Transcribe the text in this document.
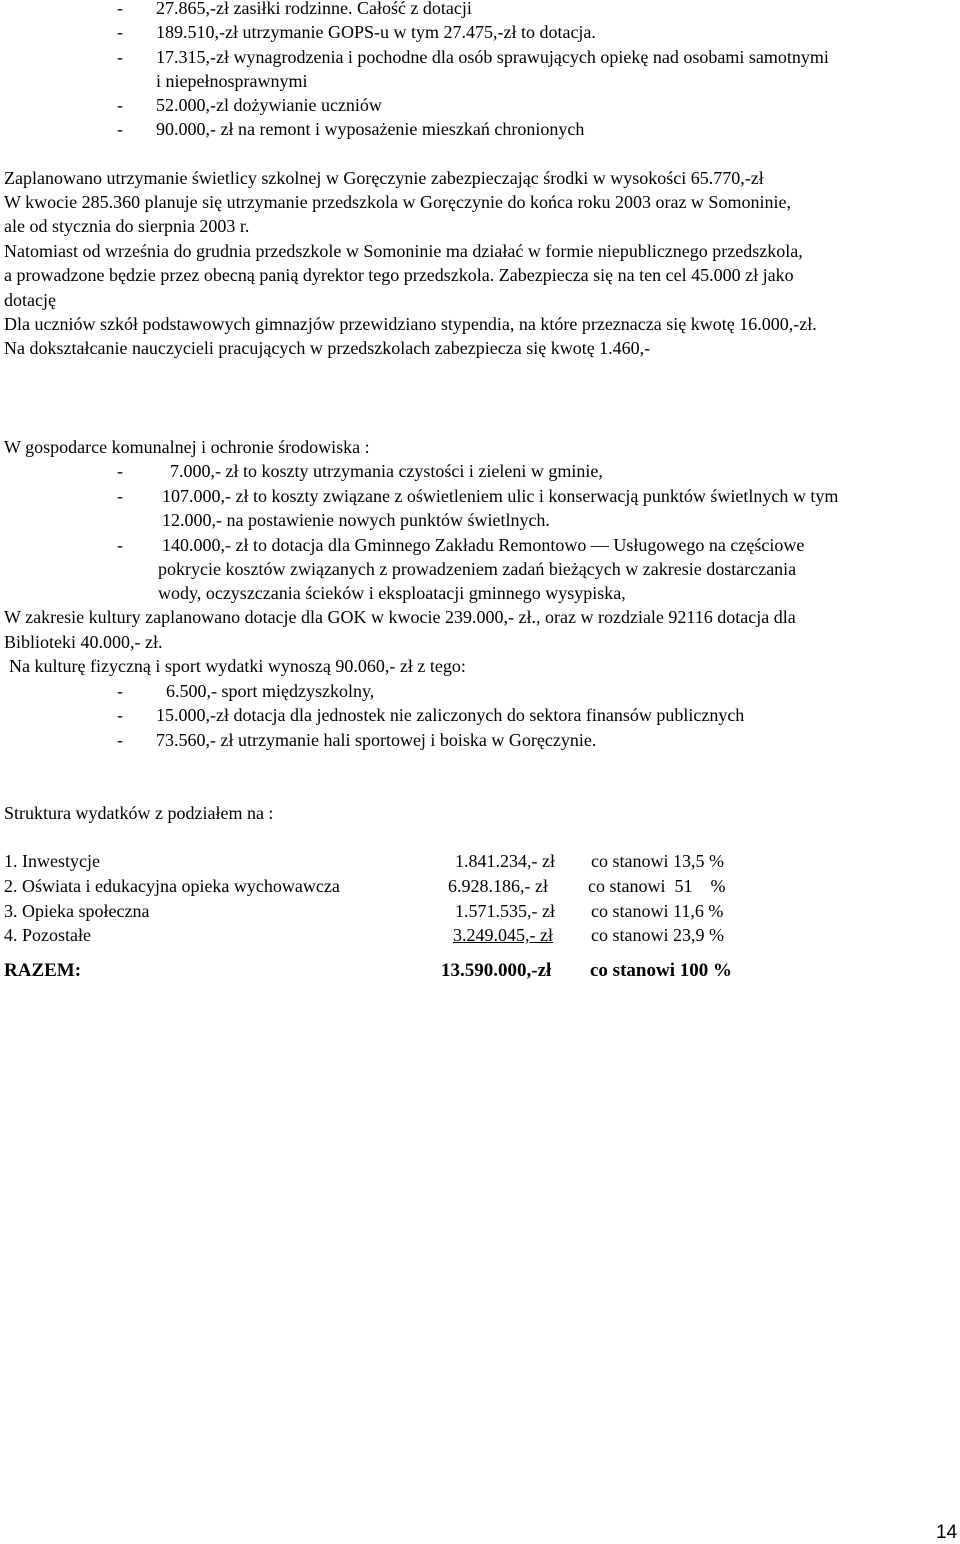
- 27.865,-zł zasiłki rodzinne. Całość z dotacji
- 189.510,-zł utrzymanie GOPS-u w tym 27.475,-zł to dotacja.
- 17.315,-zł wynagrodzenia i pochodne dla osób sprawujących opiekę nad osobami samotnymi
i niepełnosprawnymi
- 52.000,-zl dożywianie uczniów
- 90.000,- zł na remont i wyposażenie mieszkań chronionych
Zaplanowano utrzymanie świetlicy szkolnej w Goręczynie zabezpieczając środki w wysokości 65.770,-zł
W kwocie 285.360 planuje się utrzymanie przedszkola w Goręczynie do końca roku 2003 oraz w Somoninie,
ale od stycznia do sierpnia 2003 r.
Natomiast od września do grudnia przedszkole w Somoninie ma działać w formie niepublicznego przedszkola,
a prowadzone będzie przez obecną panią dyrektor tego przedszkola. Zabezpiecza się na ten cel 45.000 zł jako
dotację
Dla uczniów szkół podstawowych gimnazjów przewidziano stypendia, na które przeznacza się kwotę 16.000,-zł.
Na dokształcanie nauczycieli pracujących w przedszkolach zabezpiecza się kwotę 1.460,-
W gospodarce komunalnej i ochronie środowiska :
-	7.000,- zł to koszty utrzymania czystości i zieleni w gminie,
- 107.000,- zł to koszty związane z oświetleniem ulic i konserwacją punktów świetlnych w tym
12.000,- na postawienie nowych punktów świetlnych.
- 140.000,- zł to dotacja dla Gminnego Zakładu Remontowo — Usługowego na częściowe
pokrycie kosztów związanych z prowadzeniem zadań bieżących w zakresie dostarczania
wody, oczyszczania ścieków i eksploatacji gminnego wysypiska,
W zakresie kultury zaplanowano dotacje dla GOK w kwocie 239.000,- zł., oraz w rozdziale 92116 dotacja dla
Biblioteki 40.000,- zł.
Na kulturę fizyczną i sport wydatki wynoszą 90.060,- zł z tego:
- 6.500,- sport międzyszkolny,
- 15.000,-zł dotacja dla jednostek nie zaliczonych do sektora finansów publicznych
- 73.560,- zł utrzymanie hali sportowej i boiska w Goręczynie.
Struktura wydatków z podziałem na :
1. Inwestycje	1.841.234,- zł co stanowi 13,5 %
2. Oświata i edukacyjna opieka wychowawcza	6.928.186,- zł co stanowi  51    %
3. Opieka społeczna	1.571.535,- zł co stanowi 11,6 %
4. Pozostałe	3.249.045,- zł co stanowi 23,9 %
RAZEM:	13.590.000,-zł co stanowi 100 %
14
